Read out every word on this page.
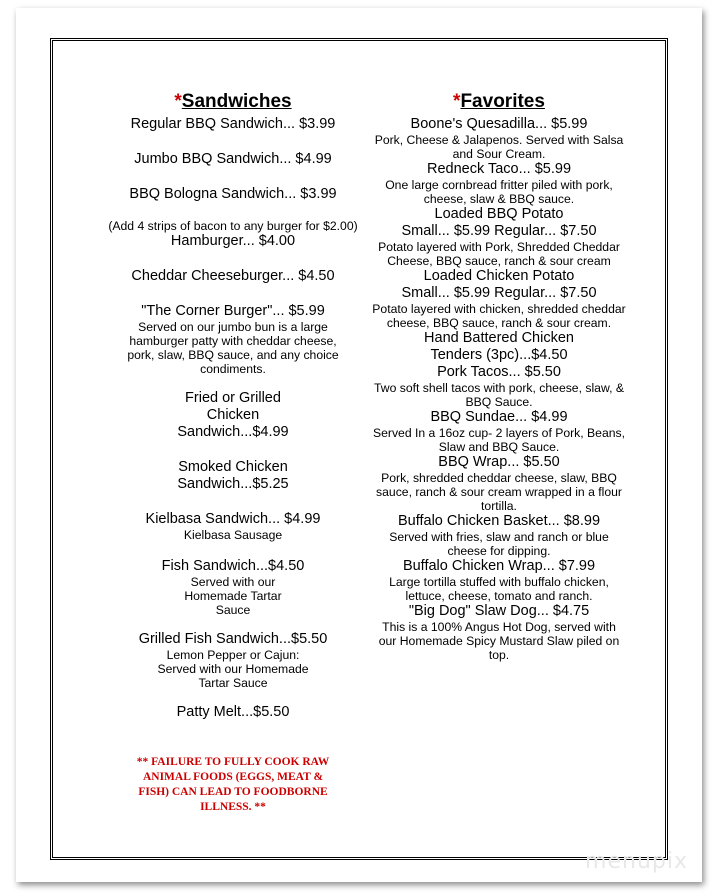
*Sandwiches
Regular BBQ Sandwich... $3.99
Jumbo BBQ Sandwich... $4.99
BBQ Bologna Sandwich... $3.99
(Add 4 strips of bacon to any burger for $2.00)
Hamburger... $4.00
Cheddar Cheeseburger... $4.50
"The Corner Burger"... $5.99
Served on our jumbo bun is a large hamburger patty with cheddar cheese, pork, slaw, BBQ sauce, and any choice condiments.
Fried or Grilled Chicken Sandwich...$4.99
Smoked Chicken Sandwich...$5.25
Kielbasa Sandwich... $4.99
Kielbasa Sausage
Fish Sandwich...$4.50
Served with our Homemade Tartar Sauce
Grilled Fish Sandwich...$5.50
Lemon Pepper or Cajun: Served with our Homemade Tartar Sauce
Patty Melt...$5.50
** FAILURE TO FULLY COOK RAW ANIMAL FOODS (EGGS, MEAT & FISH) CAN LEAD TO FOODBORNE ILLNESS. **
*Favorites
Boone's Quesadilla... $5.99
Pork, Cheese & Jalapenos. Served with Salsa and Sour Cream.
Redneck Taco... $5.99
One large cornbread fritter piled with pork, cheese, slaw & BBQ sauce.
Loaded BBQ Potato
Small... $5.99 Regular... $7.50
Potato layered with Pork, Shredded Cheddar Cheese, BBQ sauce, ranch & sour cream
Loaded Chicken Potato
Small... $5.99 Regular... $7.50
Potato layered with chicken, shredded cheddar cheese, BBQ sauce, ranch & sour cream.
Hand Battered Chicken
Tenders (3pc)...$4.50
Pork Tacos... $5.50
Two soft shell tacos with pork, cheese, slaw, & BBQ Sauce.
BBQ Sundae... $4.99
Served In a 16oz cup- 2 layers of Pork, Beans, Slaw and BBQ Sauce.
BBQ Wrap... $5.50
Pork, shredded cheddar cheese, slaw, BBQ sauce, ranch & sour cream wrapped in a flour tortilla.
Buffalo Chicken Basket... $8.99
Served with fries, slaw and ranch or blue cheese for dipping.
Buffalo Chicken Wrap... $7.99
Large tortilla stuffed with buffalo chicken, lettuce, cheese, tomato and ranch.
"Big Dog" Slaw Dog... $4.75
This is a 100% Angus Hot Dog, served with our Homemade Spicy Mustard Slaw piled on top.
menupix
